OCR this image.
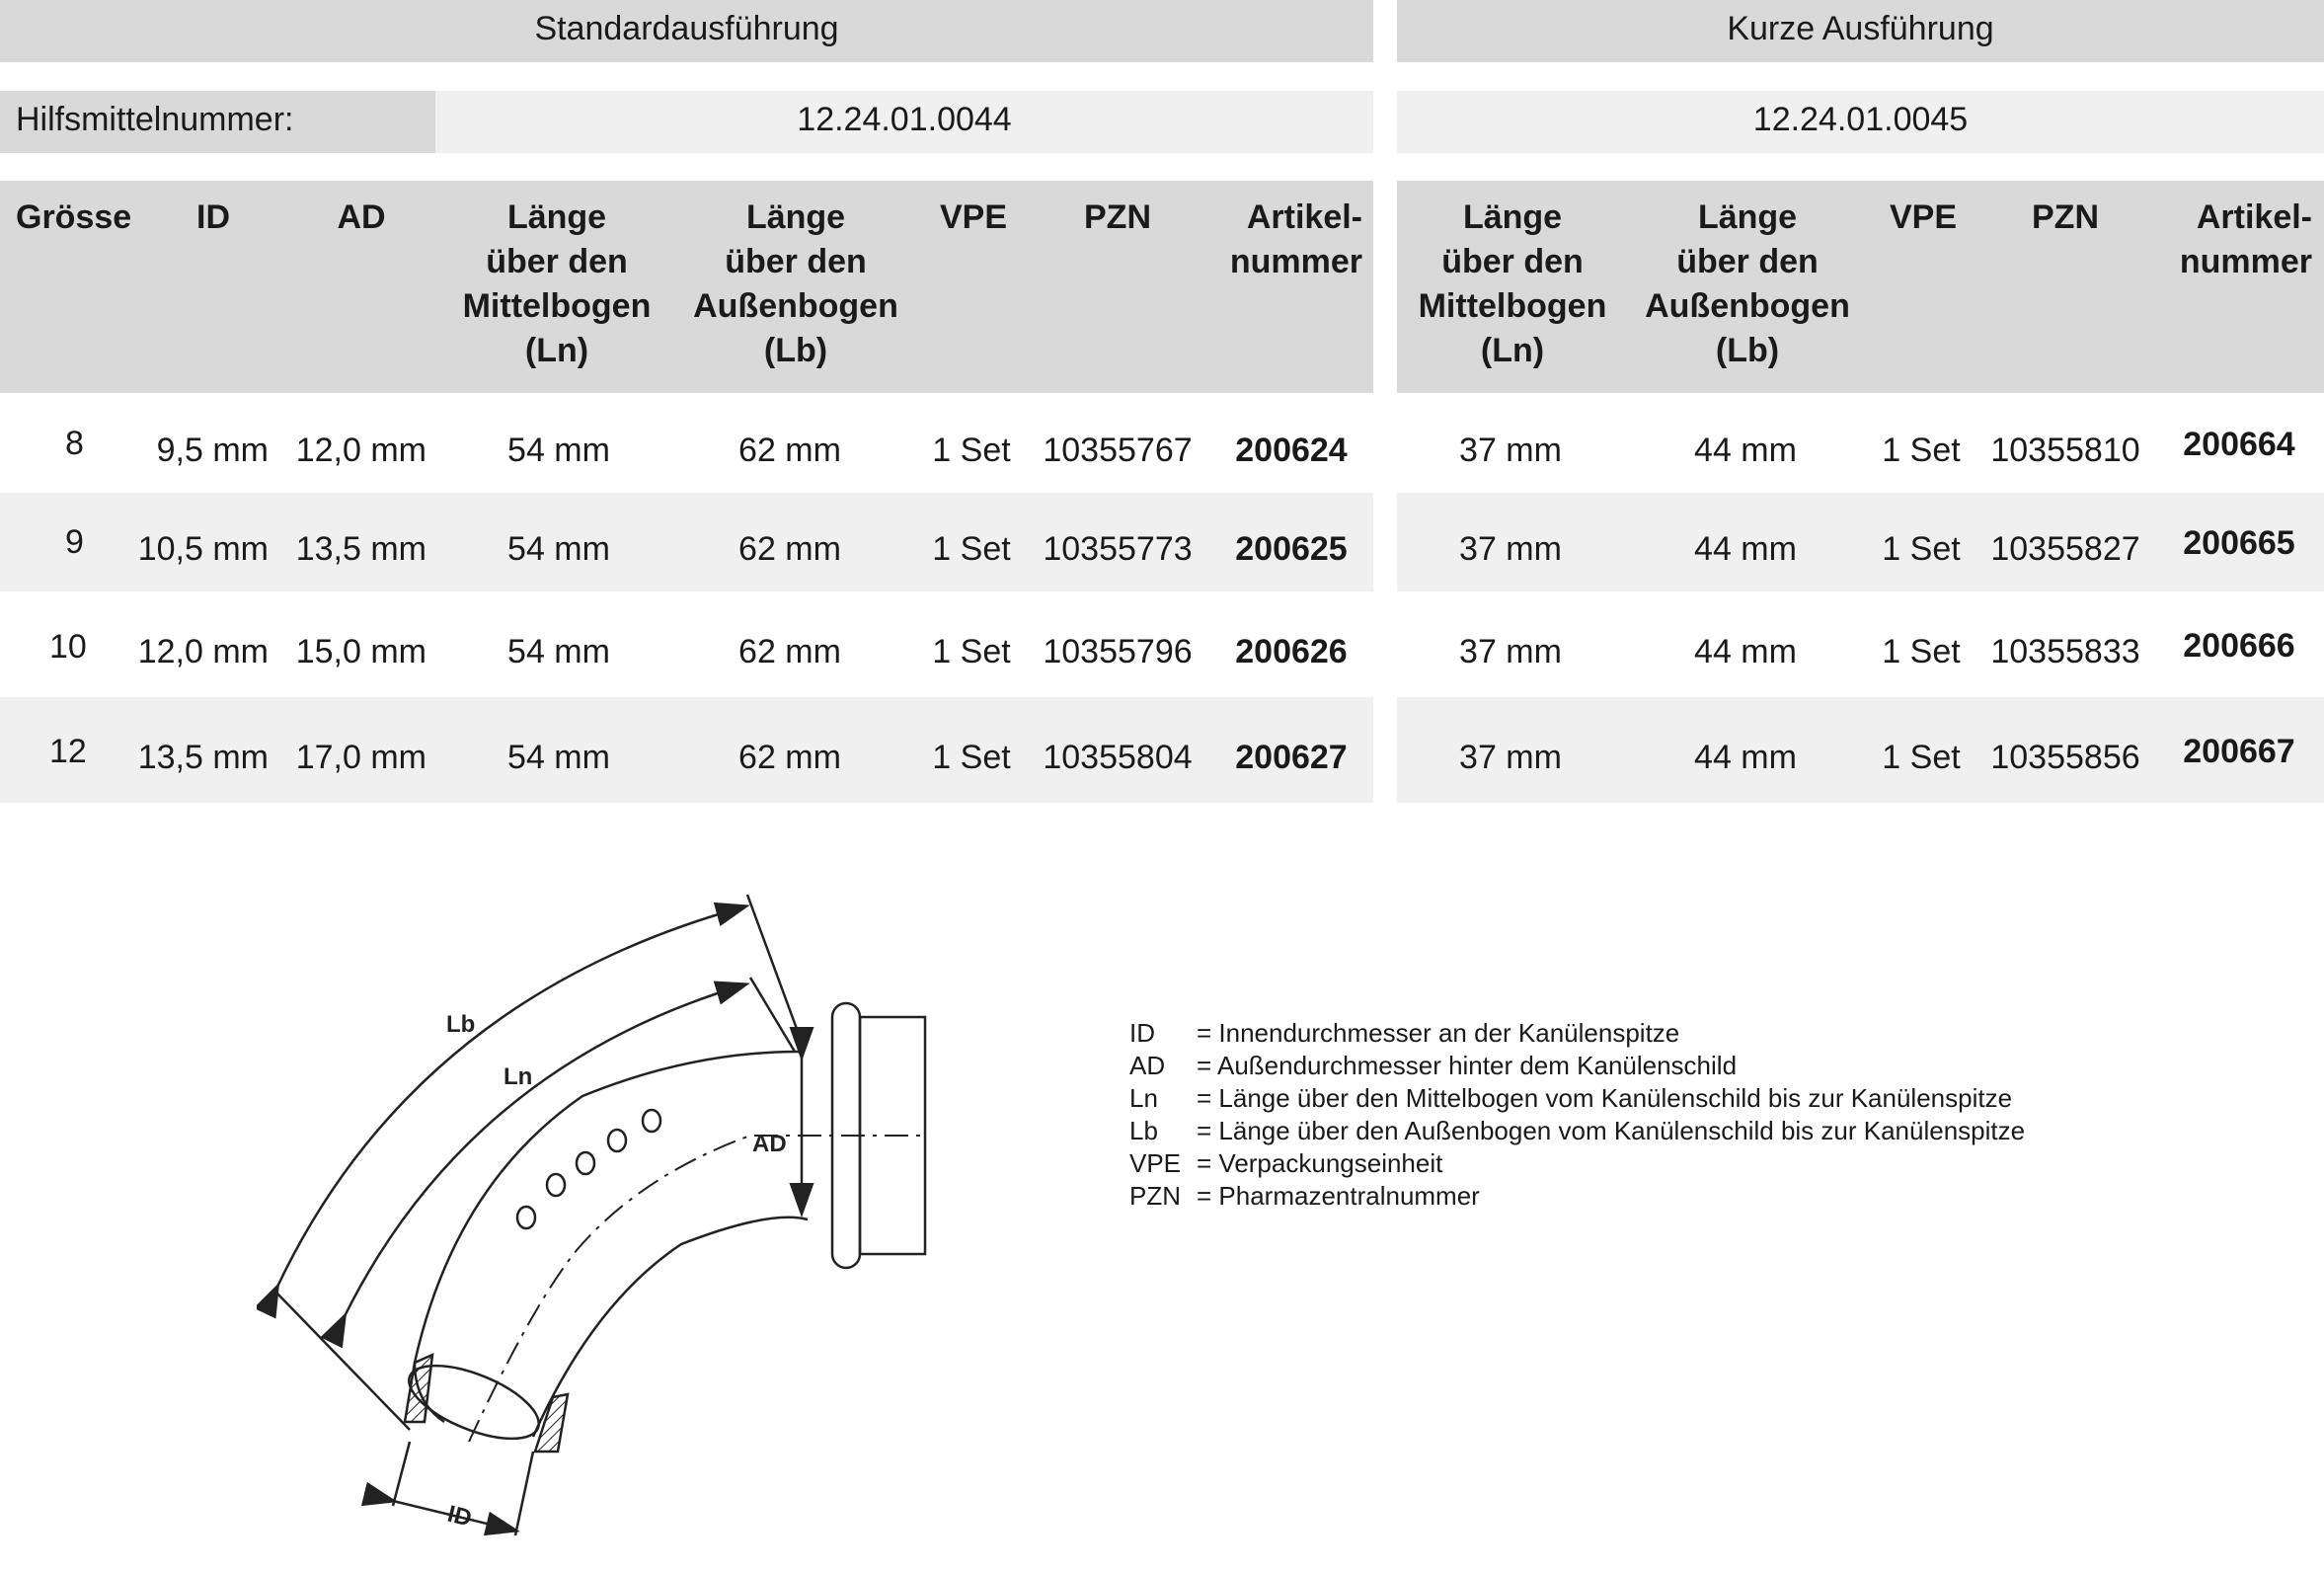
Standardausführung	Kurze Ausführung
Hilfsmittelnummer:	12.24.01.0044	12.24.01.0045
Grösse	ID	AD	Länge
über den
Mittelbogen
(Ln)
Länge
über den
Außenbogen
(Lb)
VPE	PZN	Artikel-
nummer
Länge
über den
Mittelbogen
(Ln)
Länge
über den
Außenbogen
(Lb)
VPE	PZN	Artikel-
nummer
8	9,5 mm 12,0 mm	54 mm	62 mm	1 Set 10355767	200624	37 mm	44 mm	1 Set 10355810	200664
9	10,5 mm 13,5 mm	54 mm	62 mm	1 Set 10355773	200625	37 mm	44 mm	1 Set 10355827	200665
10	12,0 mm 15,0 mm	54 mm	62 mm	1 Set 10355796	200626	37 mm	44 mm	1 Set 10355833	200666
12	13,5 mm 17,0 mm	54 mm	62 mm	1 Set 10355804	200627	37 mm	44 mm	1 Set 10355856	200667
Lb
Ln
AD
ID
ID	= Innendurchmesser an der Kanülenspitze
AD	= Außendurchmesser hinter dem Kanülenschild
Ln	= Länge über den Mittelbogen vom Kanülenschild bis zur Kanülenspitze
Lb	= Länge über den Außenbogen vom Kanülenschild bis zur Kanülenspitze
VPE = Verpackungseinheit
PZN = Pharmazentralnummer
